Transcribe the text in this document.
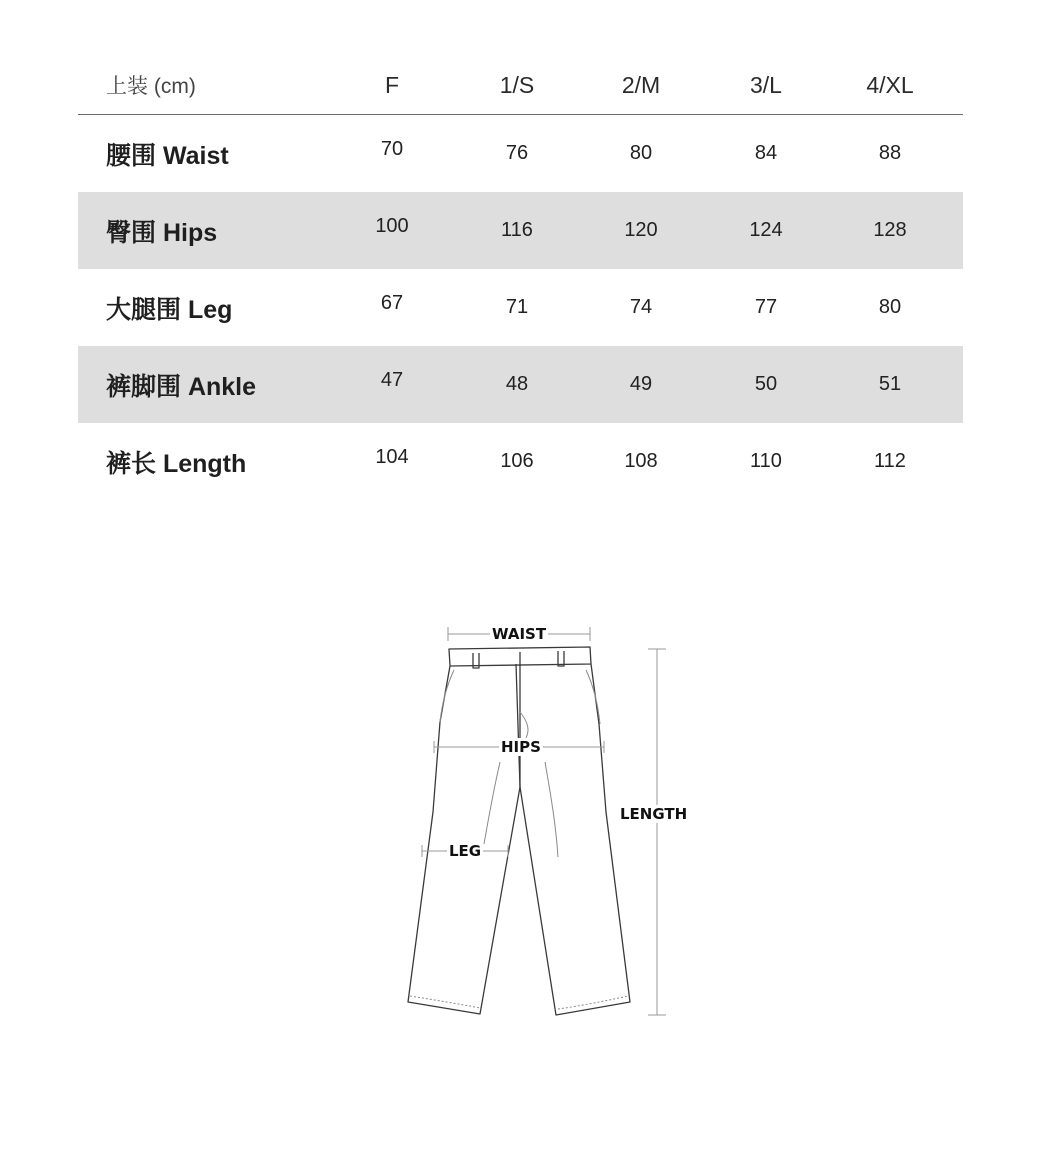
上装 (cm)	F	1/S	2/M	3/L	4/XL
腰围 Waist	70	76	80	84	88
臀围 Hips	100	116	120	124	128
大腿围 Leg	67	71	74	77	80
裤脚围 Ankle	47	48	49	50	51
裤长 Length	104	106	108	110	112
WAIST
HIPS
LEG
LENGTH
